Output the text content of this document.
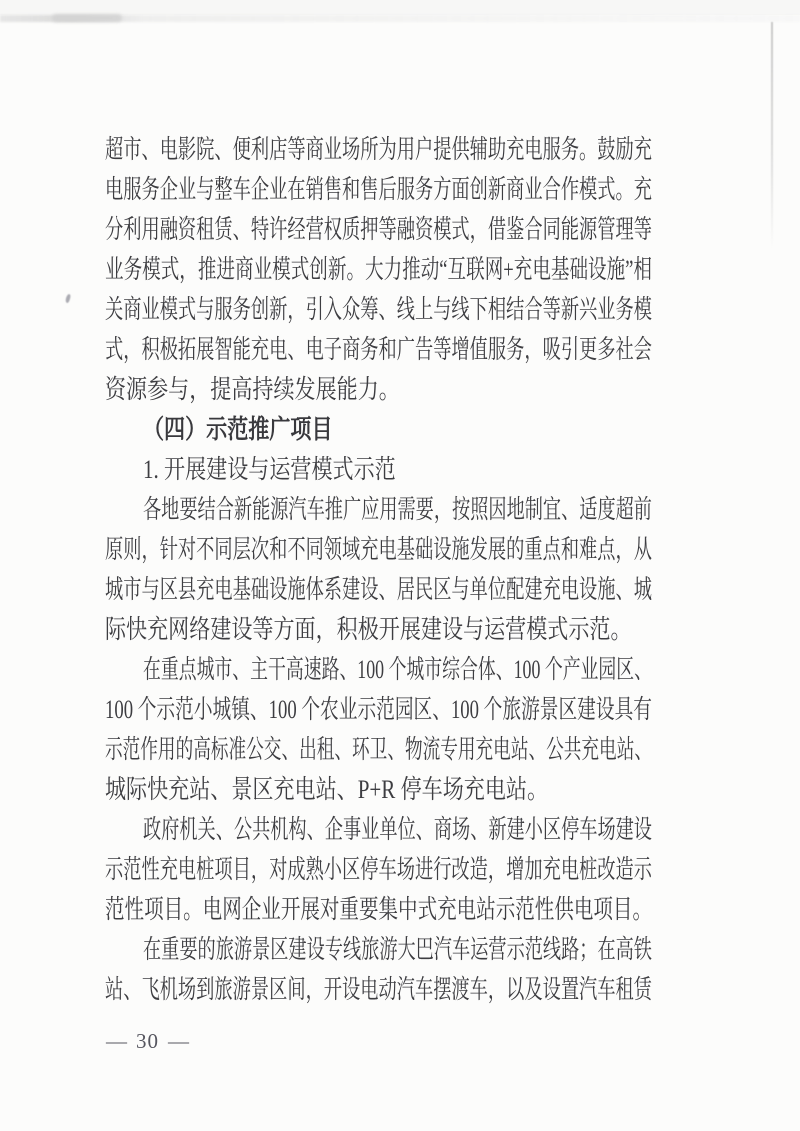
超市、电影院、便利店等商业场所为用户提供辅助充电服务。鼓励充
电服务企业与整车企业在销售和售后服务方面创新商业合作模式。充
分利用融资租赁、特许经营权质押等融资模式，借鉴合同能源管理等
业务模式，推进商业模式创新。大力推动“互联网+充电基础设施”相
关商业模式与服务创新，引入众筹、线上与线下相结合等新兴业务模
式，积极拓展智能充电、电子商务和广告等增值服务，吸引更多社会
资源参与，提高持续发展能力。
（四）示范推广项目
1. 开展建设与运营模式示范
各地要结合新能源汽车推广应用需要，按照因地制宜、适度超前
原则，针对不同层次和不同领域充电基础设施发展的重点和难点，从
城市与区县充电基础设施体系建设、居民区与单位配建充电设施、城
际快充网络建设等方面，积极开展建设与运营模式示范。
在重点城市、主干高速路、100 个城市综合体、100 个产业园区、
100 个示范小城镇、100 个农业示范园区、100 个旅游景区建设具有
示范作用的高标准公交、出租、环卫、物流专用充电站、公共充电站、
城际快充站、景区充电站、P+R 停车场充电站。
政府机关、公共机构、企事业单位、商场、新建小区停车场建设
示范性充电桩项目，对成熟小区停车场进行改造，增加充电桩改造示
范性项目。电网企业开展对重要集中式充电站示范性供电项目。
在重要的旅游景区建设专线旅游大巴汽车运营示范线路；在高铁
站、飞机场到旅游景区间，开设电动汽车摆渡车，以及设置汽车租赁
— 30 —
